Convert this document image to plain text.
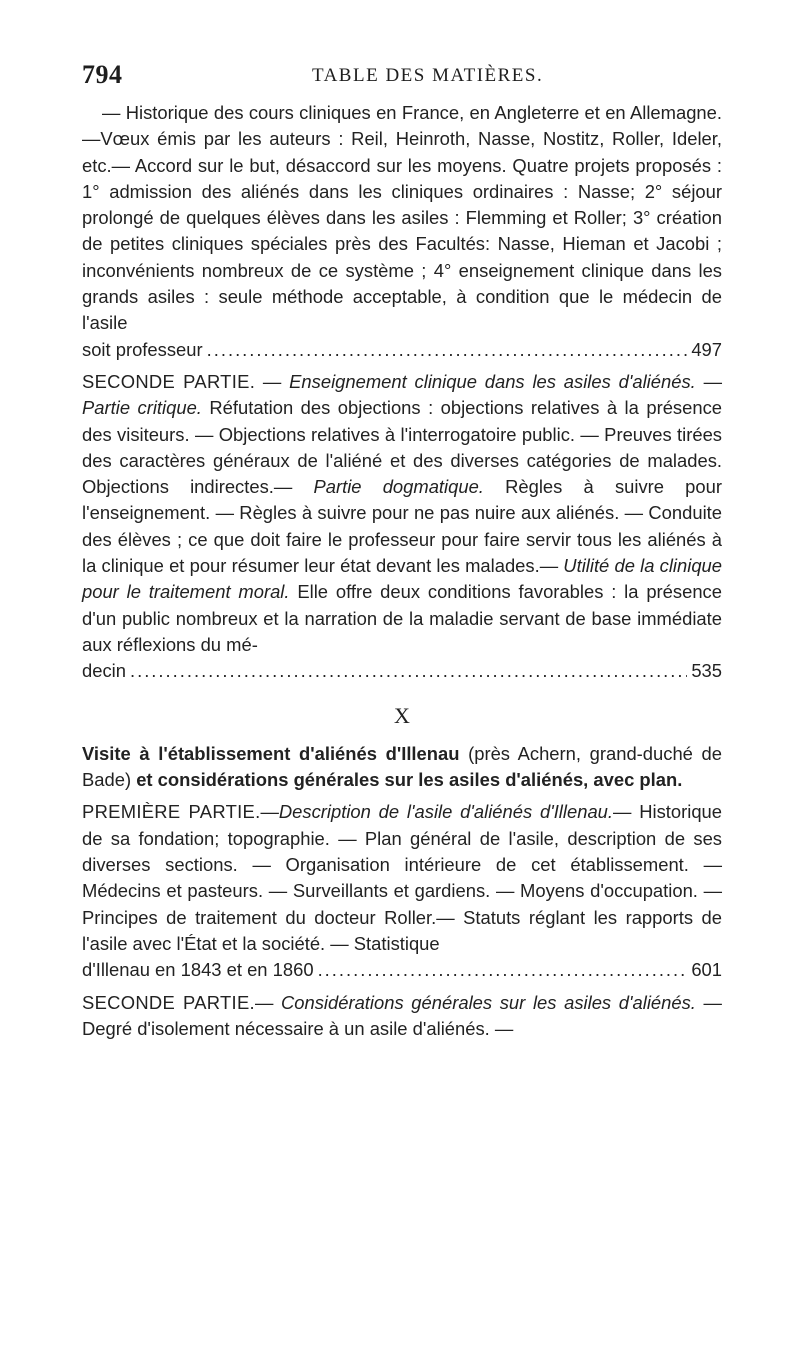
794	TABLE DES MATIÈRES.

— Historique des cours cliniques en France, en Angleterre et en Allemagne. —Vœux émis par les auteurs : Reil, Heinroth, Nasse, Nostitz, Roller, Ideler, etc.— Accord sur le but, désaccord sur les moyens. Quatre projets proposés : 1° admission des aliénés dans les cliniques ordinaires : Nasse; 2° séjour prolongé de quelques élèves dans les asiles : Flemming et Roller; 3° création de petites cliniques spéciales près des Facultés: Nasse, Hieman et Jacobi ; inconvénients nombreux de ce système ; 4° enseignement clinique dans les grands asiles : seule méthode acceptable, à condition que le médecin de l'asile

soit professeur .....	497

SECONDE PARTIE. — Enseignement clinique dans les asiles d'aliénés. — Partie critique. Réfutation des objections : objections relatives à la présence des visiteurs. — Objections relatives à l'interrogatoire public. — Preuves tirées des caractères généraux de l'aliéné et des diverses catégories de malades. Objections indirectes.— Partie dogmatique. Règles à suivre pour l'enseignement. — Règles à suivre pour ne pas nuire aux aliénés. — Conduite des élèves ; ce que doit faire le professeur pour faire servir tous les aliénés à la clinique et pour résumer leur état devant les malades.— Utilité de la clinique pour le traitement moral. Elle offre deux conditions favorables : la présence d'un public nombreux et la narration de la maladie servant de base immédiate aux réflexions du mé-

decin .....	535
X

Visite à l'établissement d'aliénés d'Illenau (près Achern, grand-duché de Bade) et considérations générales sur les asiles d'aliénés, avec plan.

PREMIÈRE PARTIE.—Description de l'asile d'aliénés d'Illenau.— Historique de sa fondation; topographie. — Plan général de l'asile, description de ses diverses sections. — Organisation intérieure de cet établissement. — Médecins et pasteurs. — Surveillants et gardiens. — Moyens d'occupation. — Principes de traitement du docteur Roller.— Statuts réglant les rapports de l'asile avec l'État et la société. — Statistique

d'Illenau en 1843 et en 1860 .....	601

SECONDE PARTIE.— Considérations générales sur les asiles d'aliénés. — Degré d'isolement nécessaire à un asile d'aliénés. —
